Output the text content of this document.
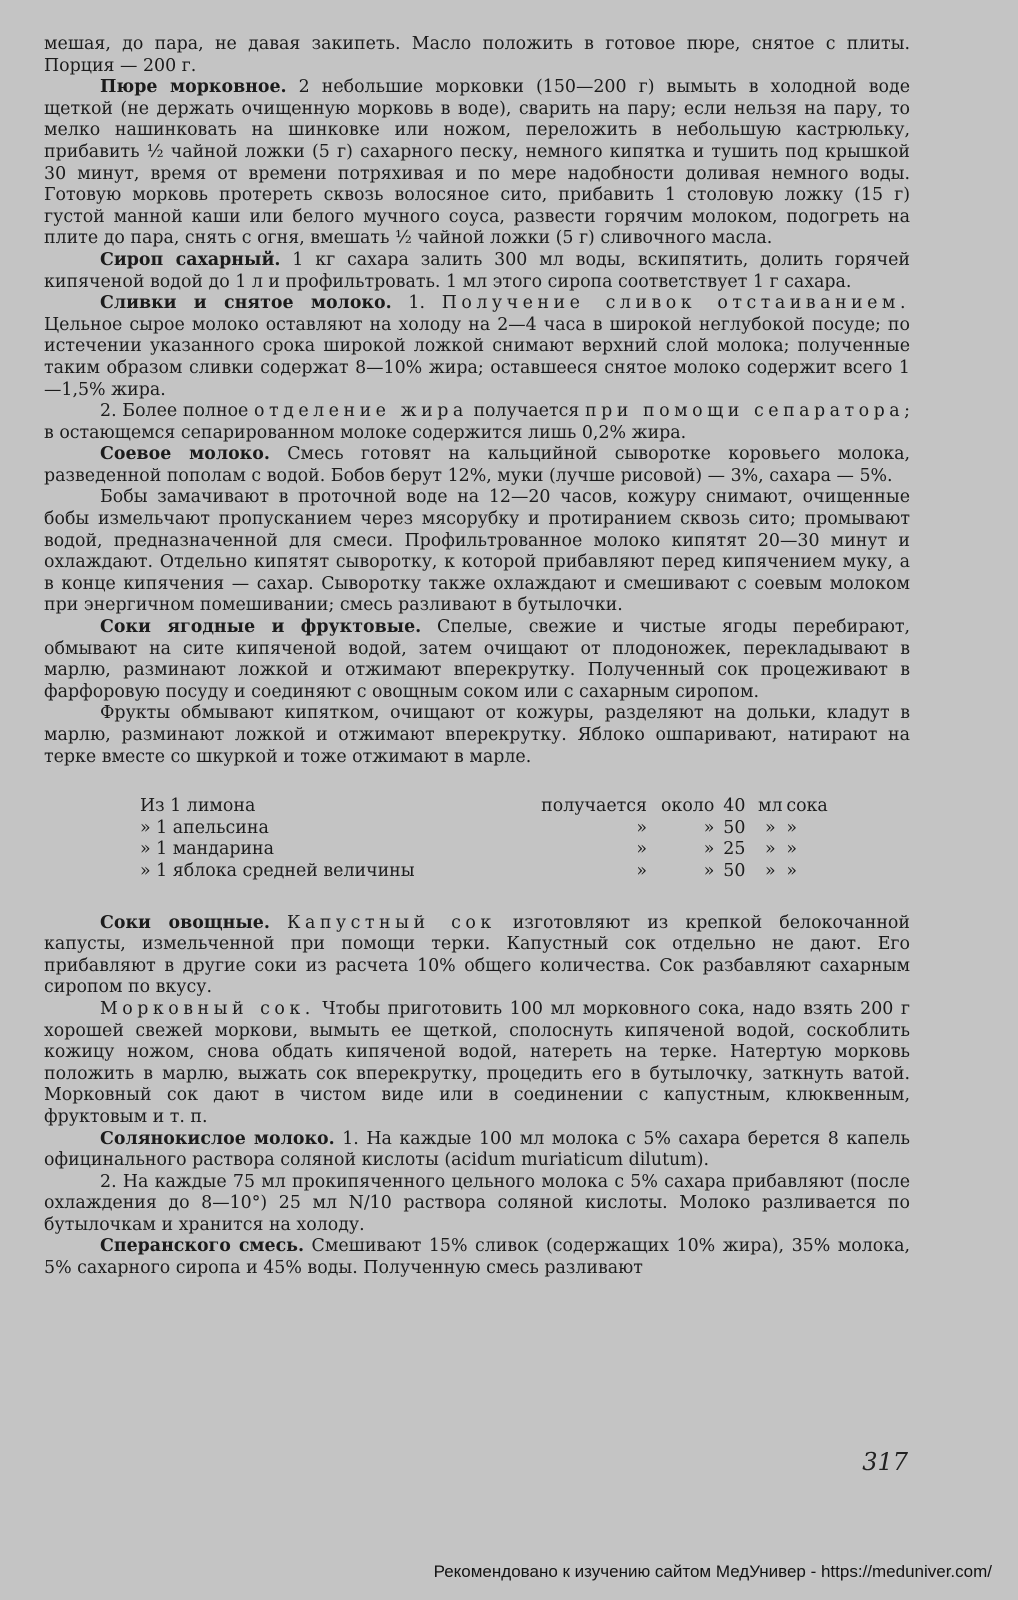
мешая, до пара, не давая закипеть. Масло положить в готовое пюре, снятое с плиты. Порция — 200 г.

Пюре морковное. 2 небольшие морковки (150—200 г) вымыть в холодной воде щеткой (не держать очищенную морковь в воде), сварить на пару; если нельзя на пару, то мелко нашинковать на шинковке или ножом, переложить в небольшую кастрюльку, прибавить ½ чайной ложки (5 г) сахарного песку, немного кипятка и тушить под крышкой 30 минут, время от времени потряхивая и по мере надобности доливая немного воды. Готовую морковь протереть сквозь волосяное сито, прибавить 1 столовую ложку (15 г) густой манной каши или белого мучного соуса, развести горячим молоком, подогреть на плите до пара, снять с огня, вмешать ½ чайной ложки (5 г) сливочного масла.

Сироп сахарный. 1 кг сахара залить 300 мл воды, вскипятить, долить горячей кипяченой водой до 1 л и профильтровать. 1 мл этого сиропа соответствует 1 г сахара.

Сливки и снятое молоко. 1. Получение сливок отстаиванием. Цельное сырое молоко оставляют на холоду на 2—4 часа в широкой неглубокой посуде; по истечении указанного срока широкой ложкой снимают верхний слой молока; полученные таким образом сливки содержат 8—10% жира; оставшееся снятое молоко содержит всего 1—1,5% жира.

2. Более полное отделение жира получается при помощи сепаратора; в остающемся сепарированном молоке содержится лишь 0,2% жира.

Соевое молоко. Смесь готовят на кальцийной сыворотке коровьего молока, разведенной пополам с водой. Бобов берут 12%, муки (лучше рисовой) — 3%, сахара — 5%.

Бобы замачивают в проточной воде на 12—20 часов, кожуру снимают, очищенные бобы измельчают пропусканием через мясорубку и протиранием сквозь сито; промывают водой, предназначенной для смеси. Профильтрованное молоко кипятят 20—30 минут и охлаждают. Отдельно кипятят сыворотку, к которой прибавляют перед кипячением муку, а в конце кипячения — сахар. Сыворотку также охлаждают и смешивают с соевым молоком при энергичном помешивании; смесь разливают в бутылочки.

Соки ягодные и фруктовые. Спелые, свежие и чистые ягоды перебирают, обмывают на сите кипяченой водой, затем очищают от плодоножек, перекладывают в марлю, разминают ложкой и отжимают вперекрутку. Полученный сок процеживают в фарфоровую посуду и соединяют с овощным соком или с сахарным сиропом.

Фрукты обмывают кипятком, очищают от кожуры, разделяют на дольки, кладут в марлю, разминают ложкой и отжимают вперекрутку. Яблоко ошпаривают, натирают на терке вместе со шкуркой и тоже отжимают в марле.

Из 1 лимона	получается	около	40	мл	сока
» 1 апельсина	»	»	50	»	»
» 1 мандарина	»	»	25	»	»
» 1 яблока средней величины	»	»	50	»	»

Соки овощные. Капустный сок изготовляют из крепкой белокочанной капусты, измельченной при помощи терки. Капустный сок отдельно не дают. Его прибавляют в другие соки из расчета 10% общего количества. Сок разбавляют сахарным сиропом по вкусу.

Морковный сок. Чтобы приготовить 100 мл морковного сока, надо взять 200 г хорошей свежей моркови, вымыть ее щеткой, сполоснуть кипяченой водой, соскоблить кожицу ножом, снова обдать кипяченой водой, натереть на терке. Натертую морковь положить в марлю, выжать сок вперекрутку, процедить его в бутылочку, заткнуть ватой. Морковный сок дают в чистом виде или в соединении с капустным, клюквенным, фруктовым и т. п.

Солянокислое молоко. 1. На каждые 100 мл молока с 5% сахара берется 8 капель официнального раствора соляной кислоты (acidum muriaticum dilutum).

2. На каждые 75 мл прокипяченного цельного молока с 5% сахара прибавляют (после охлаждения до 8—10°) 25 мл N/10 раствора соляной кислоты. Молоко разливается по бутылочкам и хранится на холоду.

Сперанского смесь. Смешивают 15% сливок (содержащих 10% жира), 35% молока, 5% сахарного сиропа и 45% воды. Полученную смесь разливают

317
Рекомендовано к изучению сайтом МедУнивер - https://meduniver.com/
